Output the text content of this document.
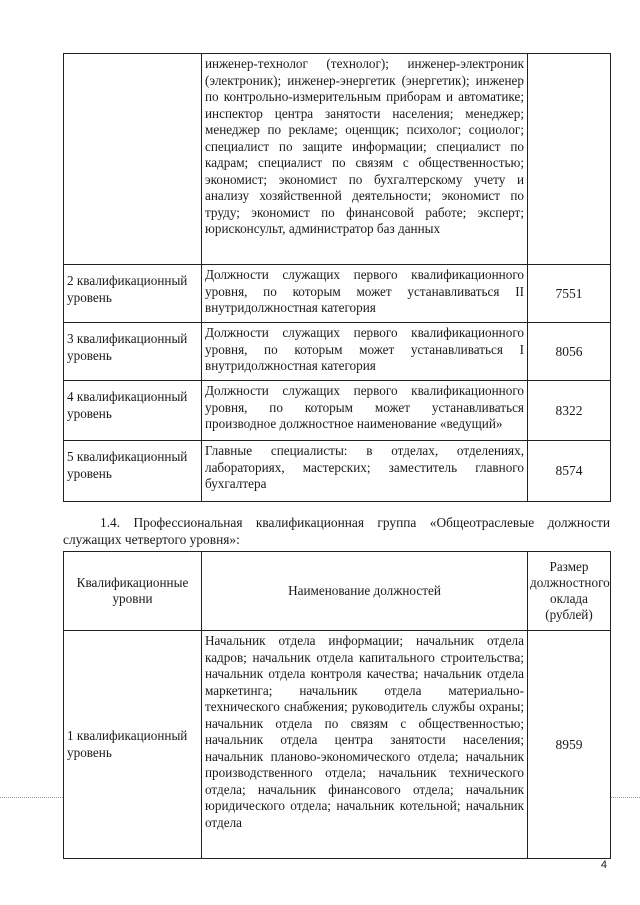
	инженер-технолог (технолог); инженер-электроник (электроник); инженер-энергетик (энергетик); инженер по контрольно-измерительным приборам и автоматике; инспектор центра занятости населения; менеджер; менеджер по рекламе; оценщик; психолог; социолог; специалист по защите информации; специалист по кадрам; специалист по связям с общественностью; экономист; экономист по бухгалтерскому учету и анализу хозяйственной деятельности; экономист по труду; экономист по финансовой работе; эксперт; юрисконсульт, администратор баз данных	
2 квалификационный уровень	Должности служащих первого квалификационного уровня, по которым может устанавливаться II внутридолжностная категория	7551
3 квалификационный уровень	Должности служащих первого квалификационного уровня, по которым может устанавливаться I внутридолжностная категория	8056
4 квалификационный уровень	Должности служащих первого квалификационного уровня, по которым может устанавливаться производное должностное наименование «ведущий»	8322
5 квалификационный уровень	Главные специалисты: в отделах, отделениях, лабораториях, мастерских; заместитель главного бухгалтера	8574
1.4. Профессиональная квалификационная группа «Общеотраслевые должности служащих четвертого уровня»:
Квалификационные уровни	Наименование должностей	Размер должностного оклада (рублей)
1 квалификационный уровень	Начальник отдела информации; начальник отдела кадров; начальник отдела капитального строительства; начальник отдела контроля качества; начальник отдела маркетинга; начальник отдела материально-технического снабжения; руководитель службы охраны; начальник отдела по связям с общественностью; начальник отдела центра занятости населения; начальник планово-экономического отдела; начальник производственного отдела; начальник технического отдела; начальник финансового отдела; начальник юридического отдела; начальник котельной; начальник отдела	8959
4
